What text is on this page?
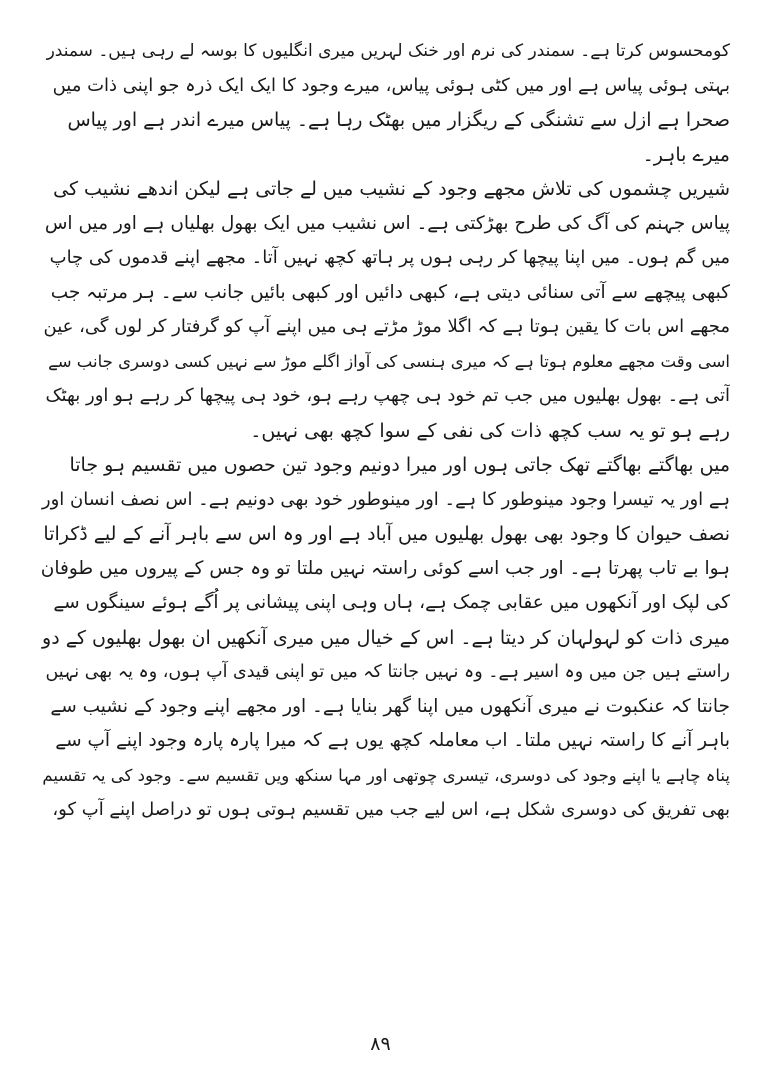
کومحسوس کرتا ہے۔ سمندر کی نرم اور خنک لہریں میری انگلیوں کا بوسہ لے رہی ہیں۔ سمندر
بہتی ہوئی پیاس ہے اور میں کٹی ہوئی پیاس، میرے وجود کا ایک ایک ذرہ جو اپنی ذات میں
صحرا ہے ازل سے تشنگی کے ریگزار میں بھٹک رہا ہے۔ پیاس میرے اندر ہے اور پیاس
میرے باہر۔
شیریں چشموں کی تلاش مجھے وجود کے نشیب میں لے جاتی ہے لیکن اندھے نشیب کی
پیاس جہنم کی آگ کی طرح بھڑکتی ہے۔ اس نشیب میں ایک بھول بھلیاں ہے اور میں اس
میں گم ہوں۔ میں اپنا پیچھا کر رہی ہوں پر ہاتھ کچھ نہیں آتا۔ مجھے اپنے قدموں کی چاپ
کبھی پیچھے سے آتی سنائی دیتی ہے، کبھی دائیں اور کبھی بائیں جانب سے۔ ہر مرتبہ جب
مجھے اس بات کا یقین ہوتا ہے کہ اگلا موڑ مڑتے ہی میں اپنے آپ کو گرفتار کر لوں گی، عین
اسی وقت مجھے معلوم ہوتا ہے کہ میری ہنسی کی آواز اگلے موڑ سے نہیں کسی دوسری جانب سے
آتی ہے۔ بھول بھلیوں میں جب تم خود ہی چھپ رہے ہو، خود ہی پیچھا کر رہے ہو اور بھٹک
رہے ہو تو یہ سب کچھ ذات کی نفی کے سوا کچھ بھی نہیں۔
میں بھاگتے بھاگتے تھک جاتی ہوں اور میرا دونیم وجود تین حصوں میں تقسیم ہو جاتا
ہے اور یہ تیسرا وجود مینوطور کا ہے۔ اور مینوطور خود بھی دونیم ہے۔ اس نصف انسان اور
نصف حیوان کا وجود بھی بھول بھلیوں میں آباد ہے اور وہ اس سے باہر آنے کے لیے ڈکراتا
ہوا بے تاب پھرتا ہے۔ اور جب اسے کوئی راستہ نہیں ملتا تو وہ جس کے پیروں میں طوفان
کی لپک اور آنکھوں میں عقابی چمک ہے، ہاں وہی اپنی پیشانی پر اُگے ہوئے سینگوں سے
میری ذات کو لہولہان کر دیتا ہے۔ اس کے خیال میں میری آنکھیں ان بھول بھلیوں کے دو
راستے ہیں جن میں وہ اسیر ہے۔ وہ نہیں جانتا کہ میں تو اپنی قیدی آپ ہوں، وہ یہ بھی نہیں
جانتا کہ عنکبوت نے میری آنکھوں میں اپنا گھر بنایا ہے۔ اور مجھے اپنے وجود کے نشیب سے
باہر آنے کا راستہ نہیں ملتا۔ اب معاملہ کچھ یوں ہے کہ میرا پارہ پارہ وجود اپنے آپ سے
پناہ چاہے یا اپنے وجود کی دوسری، تیسری چوتھی اور مہا سنکھ ویں تقسیم سے۔ وجود کی یہ تقسیم
بھی تفریق کی دوسری شکل ہے، اس لیے جب میں تقسیم ہوتی ہوں تو دراصل اپنے آپ کو،
۸۹
